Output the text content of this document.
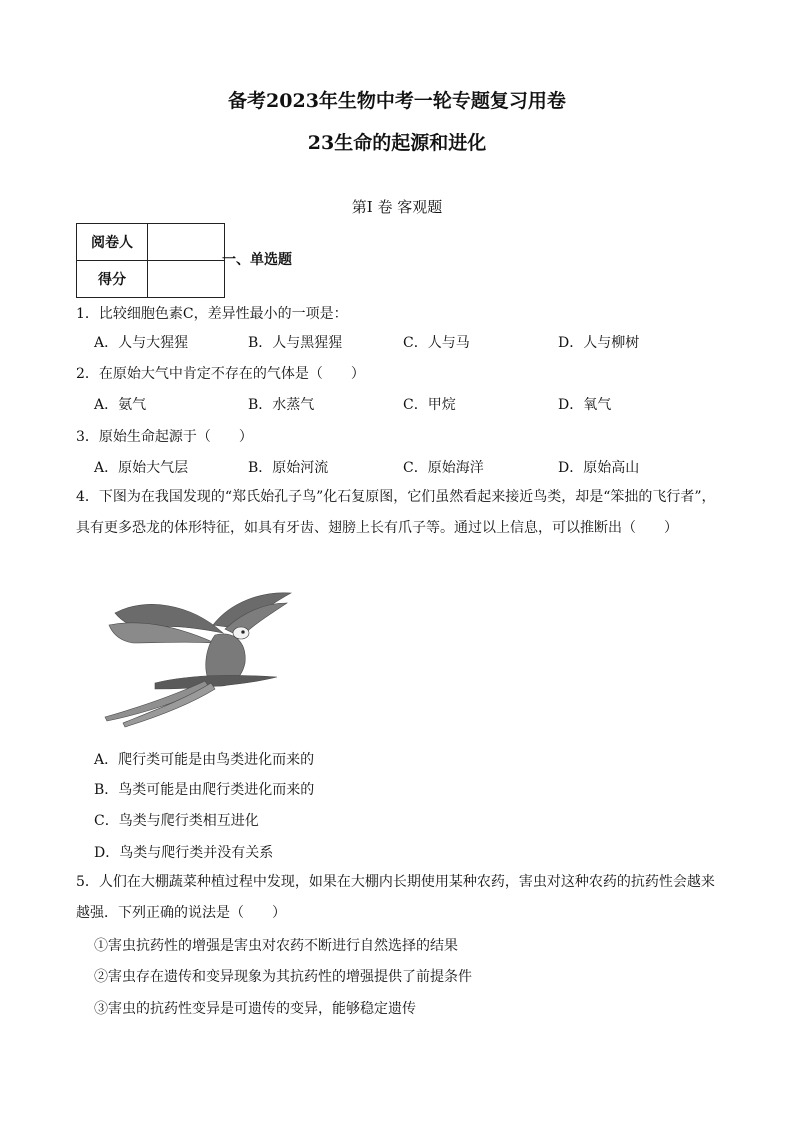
备考2023年生物中考一轮专题复习用卷
23生命的起源和进化
第Ⅰ 卷 客观题
阅卷人	
得分	
一、单选题
1．比较细胞色素C，差异性最小的一项是：
A．人与大猩猩	B．人与黑猩猩	C．人与马	D．人与柳树
2．在原始大气中肯定不存在的气体是（　　）
A．氨气	B．水蒸气	C．甲烷	D．氧气
3．原始生命起源于（　　）
A．原始大气层	B．原始河流	C．原始海洋	D．原始高山
4．下图为在我国发现的“郑氏始孔子鸟”化石复原图，它们虽然看起来接近鸟类，却是“笨拙的飞行者”，具有更多恐龙的体形特征，如具有牙齿、翅膀上长有爪子等。通过以上信息，可以推断出（　　）
A．爬行类可能是由鸟类进化而来的
B．鸟类可能是由爬行类进化而来的
C．鸟类与爬行类相互进化
D．鸟类与爬行类并没有关系
5．人们在大棚蔬菜种植过程中发现，如果在大棚内长期使用某种农药，害虫对这种农药的抗药性会越来越强．下列正确的说法是（　　）
①害虫抗药性的增强是害虫对农药不断进行自然选择的结果
②害虫存在遗传和变异现象为其抗药性的增强提供了前提条件
③害虫的抗药性变异是可遗传的变异，能够稳定遗传
